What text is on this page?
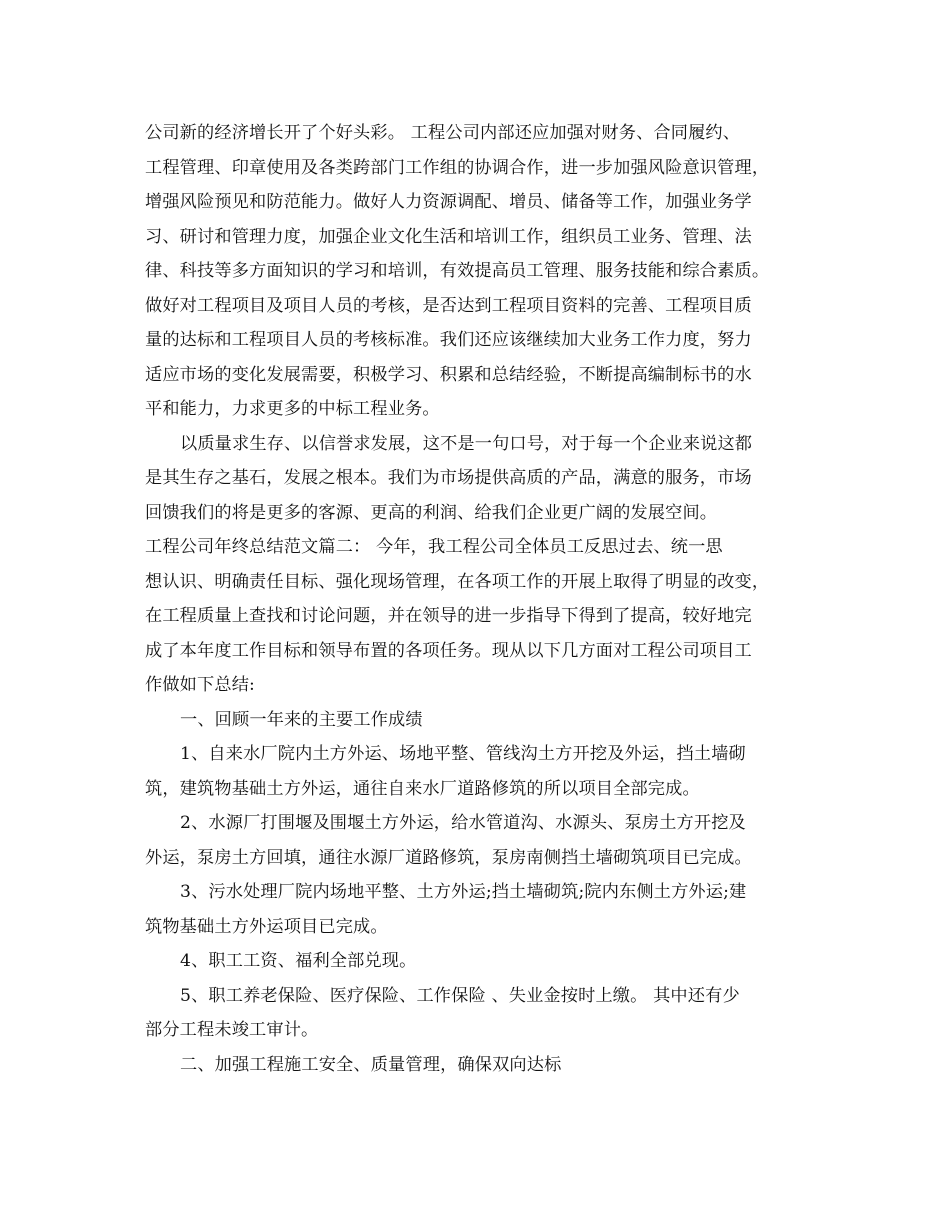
公司新的经济增长开了个好头彩。 工程公司内部还应加强对财务、合同履约、
工程管理、印章使用及各类跨部门工作组的协调合作，进一步加强风险意识管理，
增强风险预见和防范能力。做好人力资源调配、增员、储备等工作，加强业务学
习、研讨和管理力度，加强企业文化生活和培训工作，组织员工业务、管理、法
律、科技等多方面知识的学习和培训，有效提高员工管理、服务技能和综合素质。
做好对工程项目及项目人员的考核，是否达到工程项目资料的完善、工程项目质
量的达标和工程项目人员的考核标准。我们还应该继续加大业务工作力度，努力
适应市场的变化发展需要，积极学习、积累和总结经验，不断提高编制标书的水
平和能力，力求更多的中标工程业务。
以质量求生存、以信誉求发展，这不是一句口号，对于每一个企业来说这都
是其生存之基石，发展之根本。我们为市场提供高质的产品，满意的服务，市场
回馈我们的将是更多的客源、更高的利润、给我们企业更广阔的发展空间。
工程公司年终总结范文篇二： 今年，我工程公司全体员工反思过去、统一思
想认识、明确责任目标、强化现场管理，在各项工作的开展上取得了明显的改变，
在工程质量上查找和讨论问题，并在领导的进一步指导下得到了提高，较好地完
成了本年度工作目标和领导布置的各项任务。现从以下几方面对工程公司项目工
作做如下总结:
一、回顾一年来的主要工作成绩
1、自来水厂院内土方外运、场地平整、管线沟土方开挖及外运，挡土墙砌
筑，建筑物基础土方外运，通往自来水厂道路修筑的所以项目全部完成。
2、水源厂打围堰及围堰土方外运，给水管道沟、水源头、泵房土方开挖及
外运，泵房土方回填，通往水源厂道路修筑，泵房南侧挡土墙砌筑项目已完成。
3、污水处理厂院内场地平整、土方外运;挡土墙砌筑;院内东侧土方外运;建
筑物基础土方外运项目已完成。
4、职工工资、福利全部兑现。
5、职工养老保险、医疗保险、工作保险 、失业金按时上缴。 其中还有少
部分工程未竣工审计。
二、加强工程施工安全、质量管理，确保双向达标
